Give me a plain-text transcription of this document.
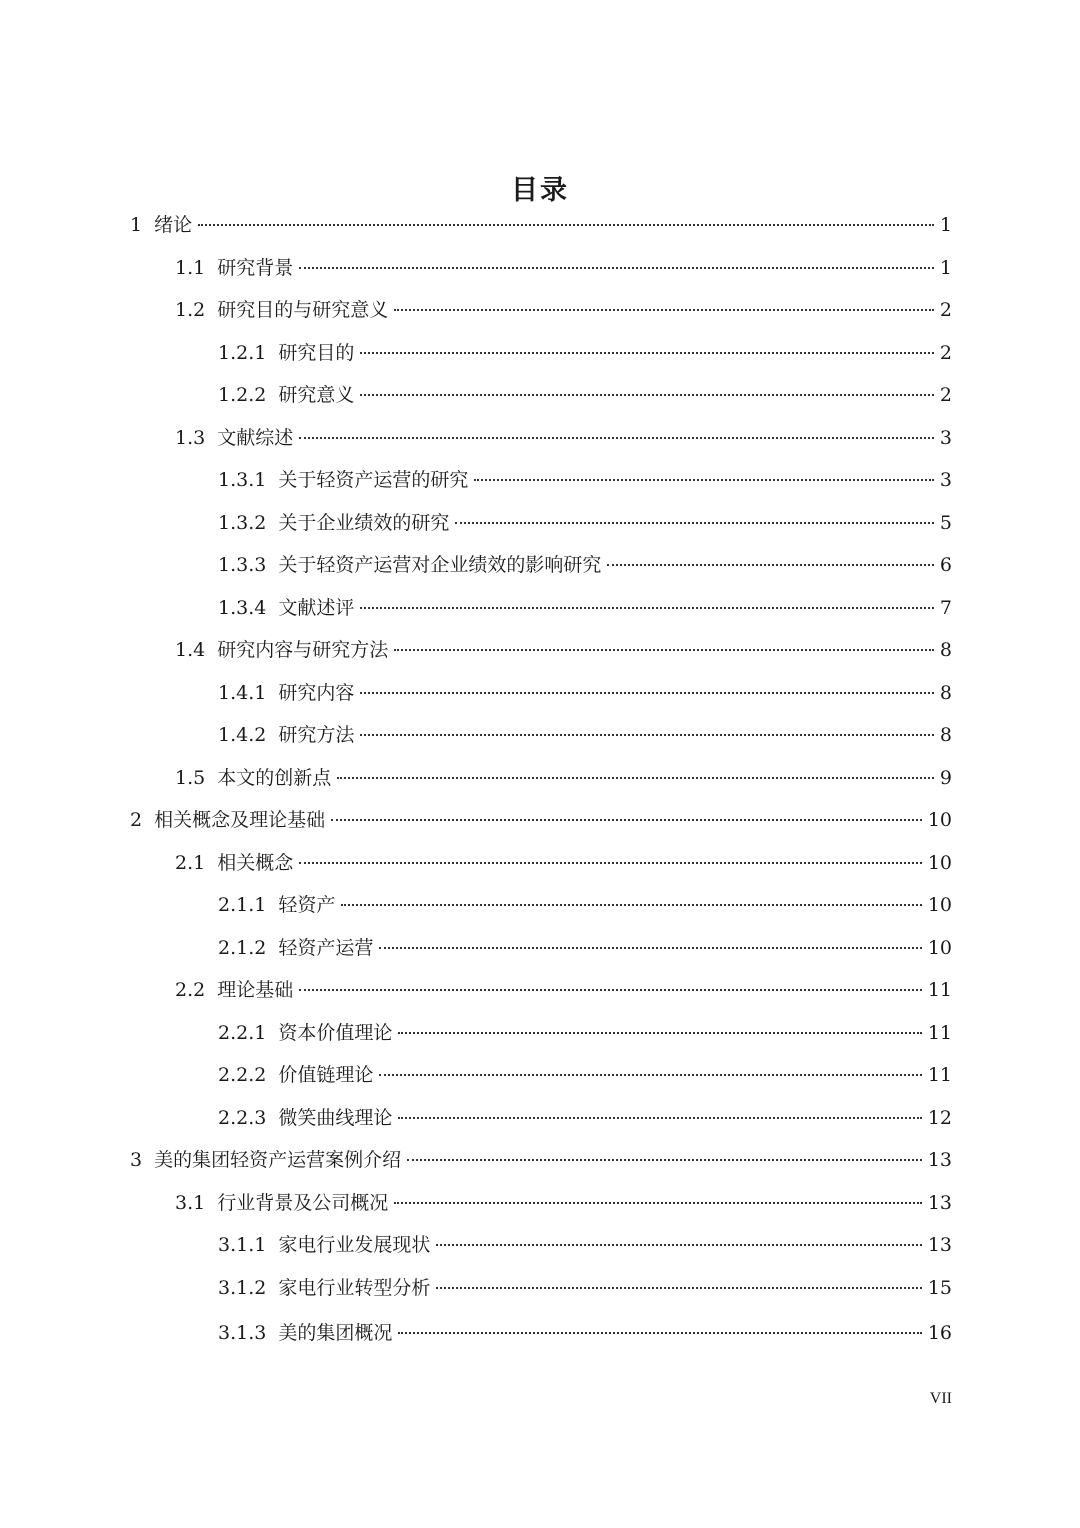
目录
1 绪论	1
1.1 研究背景	1
1.2 研究目的与研究意义	2
1.2.1 研究目的	2
1.2.2 研究意义	2
1.3 文献综述	3
1.3.1 关于轻资产运营的研究	3
1.3.2 关于企业绩效的研究	5
1.3.3 关于轻资产运营对企业绩效的影响研究	6
1.3.4 文献述评	7
1.4 研究内容与研究方法	8
1.4.1 研究内容	8
1.4.2 研究方法	8
1.5 本文的创新点	9
2 相关概念及理论基础	10
2.1 相关概念	10
2.1.1 轻资产	10
2.1.2 轻资产运营	10
2.2 理论基础	11
2.2.1 资本价值理论	11
2.2.2 价值链理论	11
2.2.3 微笑曲线理论	12
3 美的集团轻资产运营案例介绍	13
3.1 行业背景及公司概况	13
3.1.1 家电行业发展现状	13
3.1.2 家电行业转型分析	15
3.1.3 美的集团概况	16
VII
